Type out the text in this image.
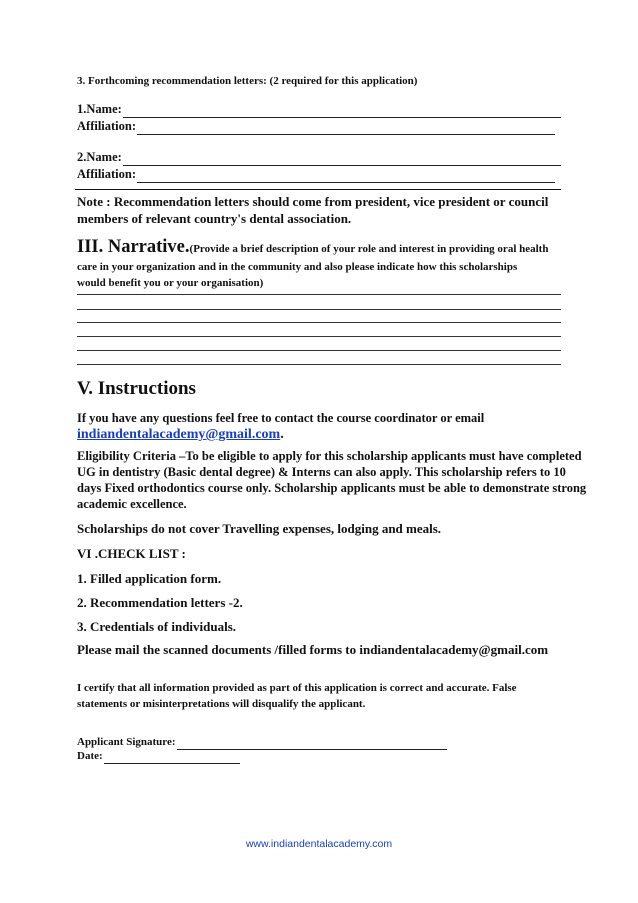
3. Forthcoming recommendation letters: (2 required for this application)
1.Name:
Affiliation:
2.Name:
Affiliation:
Note : Recommendation letters should come from president, vice president or council
members of relevant country's dental association.
III. Narrative.(Provide a brief description of your role and interest in providing oral health
care in your organization and in the community and also please indicate how this scholarships
would benefit you or your organisation)
V. Instructions
If you have any questions feel free to contact the course coordinator or email
indiandentalacademy@gmail.com.
Eligibility Criteria –To be eligible to apply for this scholarship applicants must have completed
UG in dentistry (Basic dental degree) & Interns can also apply. This scholarship refers to 10
days Fixed orthodontics course only. Scholarship applicants must be able to demonstrate strong
academic excellence.
Scholarships do not cover Travelling expenses, lodging and meals.
VI .CHECK LIST :
1. Filled application form.
2. Recommendation letters -2.
3. Credentials of individuals.
Please mail the scanned documents /filled forms to indiandentalacademy@gmail.com
I certify that all information provided as part of this application is correct and accurate. False
statements or misinterpretations will disqualify the applicant.
Applicant Signature:
Date:
www.indiandentalacademy.com
